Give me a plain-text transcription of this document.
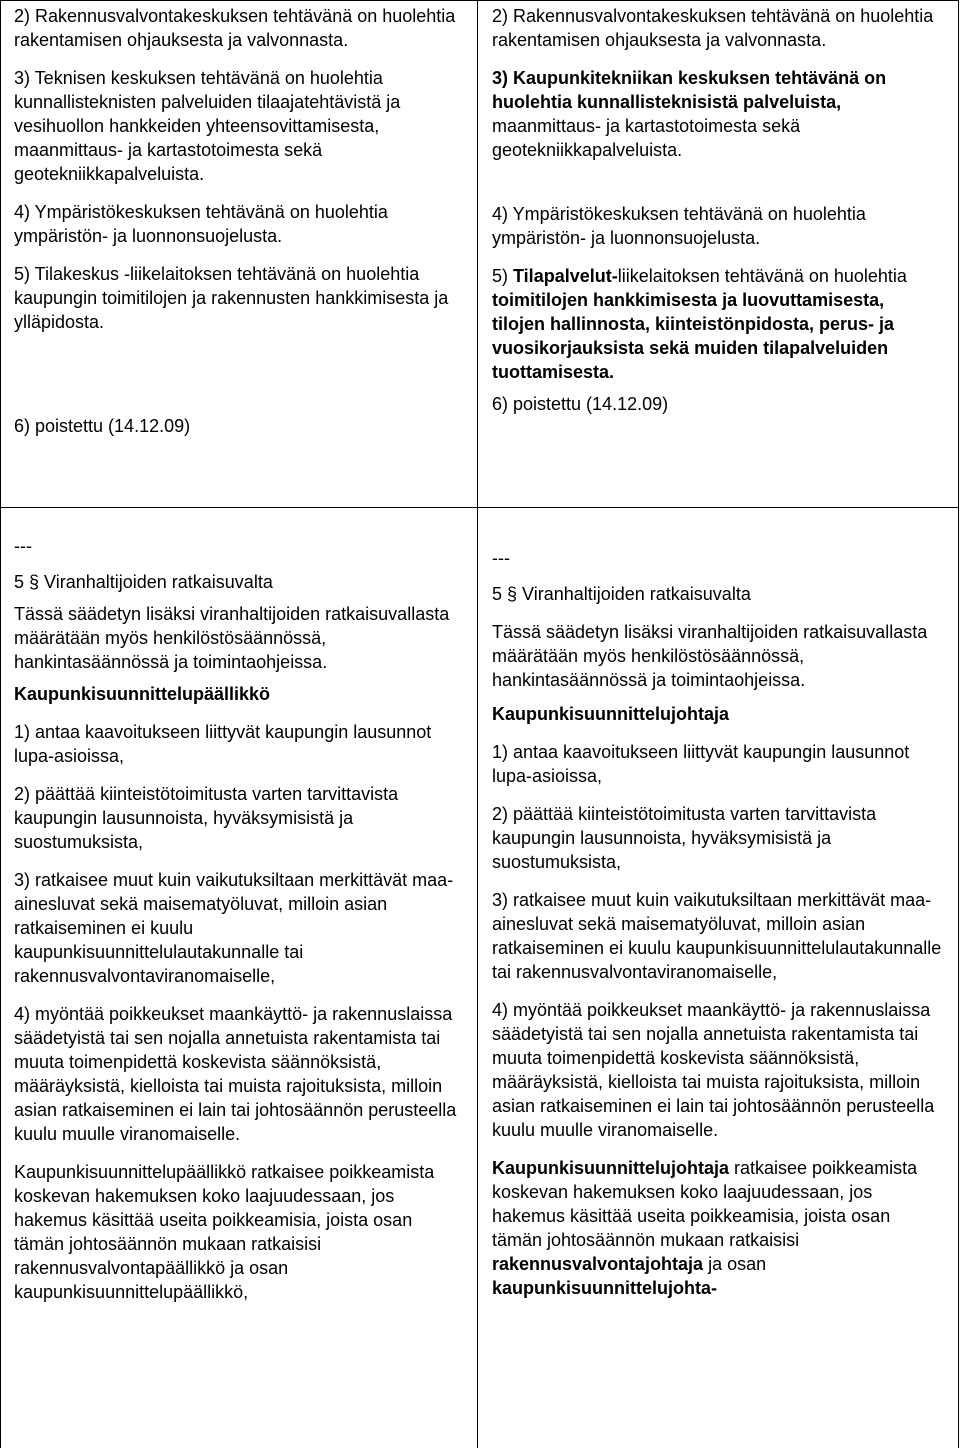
2) Rakennusvalvontakeskuksen tehtävänä on huolehtia rakentamisen ohjauksesta ja valvonnasta.

3) Teknisen keskuksen tehtävänä on huolehtia kunnallisteknisten palveluiden tilaajatehtävistä ja vesihuollon hankkeiden yhteensovittamisesta, maanmittaus- ja kartastotoimesta sekä geotekniikkapalveluista.

4) Ympäristökeskuksen tehtävänä on huolehtia ympäristön- ja luonnonsuojelusta.

5) Tilakeskus -liikelaitoksen tehtävänä on huolehtia kaupungin toimitilojen ja rakennusten hankkimisesta ja ylläpidosta.

6) poistettu (14.12.09)

2) Rakennusvalvontakeskuksen tehtävänä on huolehtia rakentamisen ohjauksesta ja valvonnasta.

3) Kaupunkitekniikan keskuksen tehtävänä on huolehtia kunnallisteknisistä palveluista, maanmittaus- ja kartastotoimesta sekä geotekniikkapalveluista.

4) Ympäristökeskuksen tehtävänä on huolehtia ympäristön- ja luonnonsuojelusta.

5) Tilapalvelut-liikelaitoksen tehtävänä on huolehtia toimitilojen hankkimisesta ja luovuttamisesta, tilojen hallinnosta, kiinteistönpidosta, perus- ja vuosikorjauksista sekä muiden tilapalveluiden tuottamisesta.

6) poistettu (14.12.09)

---

5 § Viranhaltijoiden ratkaisuvalta

Tässä säädetyn lisäksi viranhaltijoiden ratkaisuvallasta määrätään myös henkilöstösäännössä, hankintasäännössä ja toimintaohjeissa.

Kaupunkisuunnittelupäällikkö

1) antaa kaavoitukseen liittyvät kaupungin lausunnot lupa-asioissa,

2) päättää kiinteistötoimitusta varten tarvittavista kaupungin lausunnoista, hyväksymisistä ja suostumuksista,

3) ratkaisee muut kuin vaikutuksiltaan merkittävät maa-ainesluvat sekä maisematyöluvat, milloin asian ratkaiseminen ei kuulu kaupunkisuunnittelulautakunnalle tai rakennusvalvontaviranomaiselle,

4) myöntää poikkeukset maankäyttö- ja rakennuslaissa säädetyistä tai sen nojalla annetuista rakentamista tai muuta toimenpidettä koskevista säännöksistä, määräyksistä, kielloista tai muista rajoituksista, milloin asian ratkaiseminen ei lain tai johtosäännön perusteella kuulu muulle viranomaiselle.

Kaupunkisuunnittelupäällikkö ratkaisee poikkeamista koskevan hakemuksen koko laajuudessaan, jos hakemus käsittää useita poikkeamisia, joista osan tämän johtosäännön mukaan ratkaisisi rakennusvalvontapäällikkö ja osan kaupunkisuunnittelupäällikkö,

---

5 § Viranhaltijoiden ratkaisuvalta

Tässä säädetyn lisäksi viranhaltijoiden ratkaisuvallasta määrätään myös henkilöstösäännössä, hankintasäännössä ja toimintaohjeissa.

Kaupunkisuunnittelujohtaja

1) antaa kaavoitukseen liittyvät kaupungin lausunnot lupa-asioissa,

2) päättää kiinteistötoimitusta varten tarvittavista kaupungin lausunnoista, hyväksymisistä ja suostumuksista,

3) ratkaisee muut kuin vaikutuksiltaan merkittävät maa-ainesluvat sekä maisematyöluvat, milloin asian ratkaiseminen ei kuulu kaupunkisuunnittelulautakunnalle tai rakennusvalvontaviranomaiselle,

4) myöntää poikkeukset maankäyttö- ja rakennuslaissa säädetyistä tai sen nojalla annetuista rakentamista tai muuta toimenpidettä koskevista säännöksistä, määräyksistä, kielloista tai muista rajoituksista, milloin asian ratkaiseminen ei lain tai johtosäännön perusteella kuulu muulle viranomaiselle.

Kaupunkisuunnittelujohtaja ratkaisee poikkeamista koskevan hakemuksen koko laajuudessaan, jos hakemus käsittää useita poikkeamisia, joista osan tämän johtosäännön mukaan ratkaisisi rakennusvalvontajohtaja ja osan kaupunkisuunnittelujohta-
